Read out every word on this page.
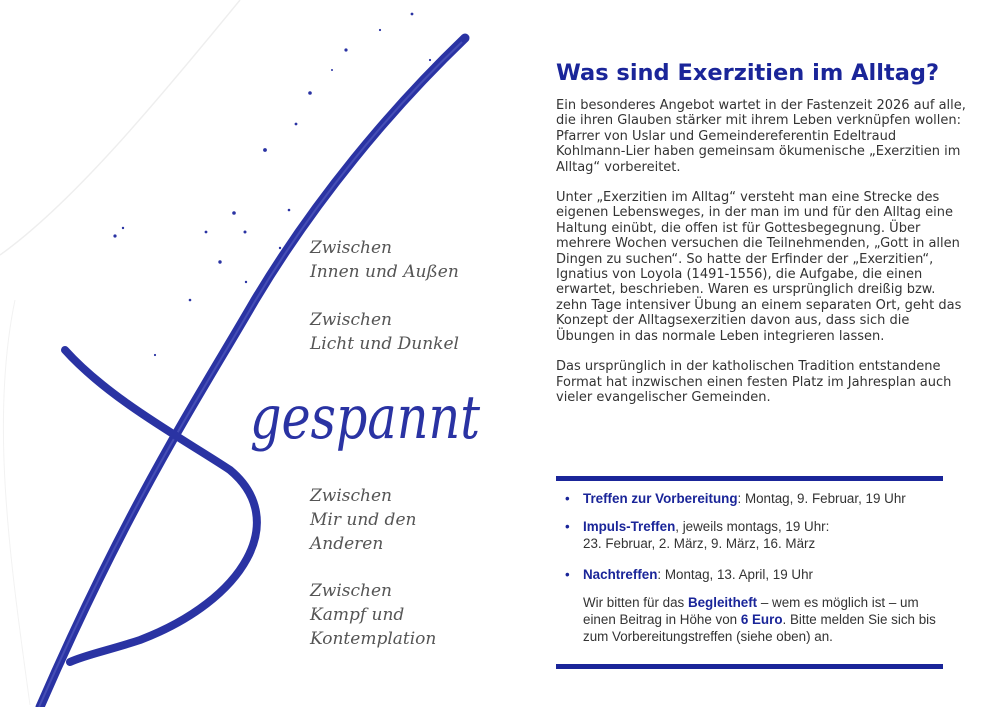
gespannt
Zwischen
Innen und Außen
Zwischen
Licht und Dunkel
Zwischen
Mir und den
Anderen
Zwischen
Kampf und
Kontemplation
Was sind Exerzitien im Alltag?

Ein besonderes Angebot wartet in der Fastenzeit 2026 auf alle, die ihren Glauben stärker mit ihrem Leben verknüpfen wollen: Pfarrer von Uslar und Gemeindereferentin Edeltraud Kohlmann-Lier haben gemeinsam ökumenische „Exerzitien im Alltag“ vorbereitet.

Unter „Exerzitien im Alltag“ versteht man eine Strecke des eigenen Lebensweges, in der man im und für den Alltag eine Haltung einübt, die offen ist für Gottesbegegnung. Über mehrere Wochen versuchen die Teilnehmenden, „Gott in allen Dingen zu suchen“. So hatte der Erfinder der „Exerzitien“, Ignatius von Loyola (1491-1556), die Aufgabe, die einen erwartet, beschrieben. Waren es ursprünglich dreißig bzw. zehn Tage intensiver Übung an einem separaten Ort, geht das Konzept der Alltagsexerzitien davon aus, dass sich die Übungen in das normale Leben integrieren lassen.

Das ursprünglich in der katholischen Tradition entstandene Format hat inzwischen einen festen Platz im Jahresplan auch vieler evangelischer Gemeinden.

• Treffen zur Vorbereitung: Montag, 9. Februar, 19 Uhr
• Impuls-Treffen, jeweils montags, 19 Uhr:
23. Februar, 2. März, 9. März, 16. März
• Nachtreffen: Montag, 13. April, 19 Uhr
Wir bitten für das Begleitheft – wem es möglich ist – um einen Beitrag in Höhe von 6 Euro. Bitte melden Sie sich bis zum Vorbereitungstreffen (siehe oben) an.
